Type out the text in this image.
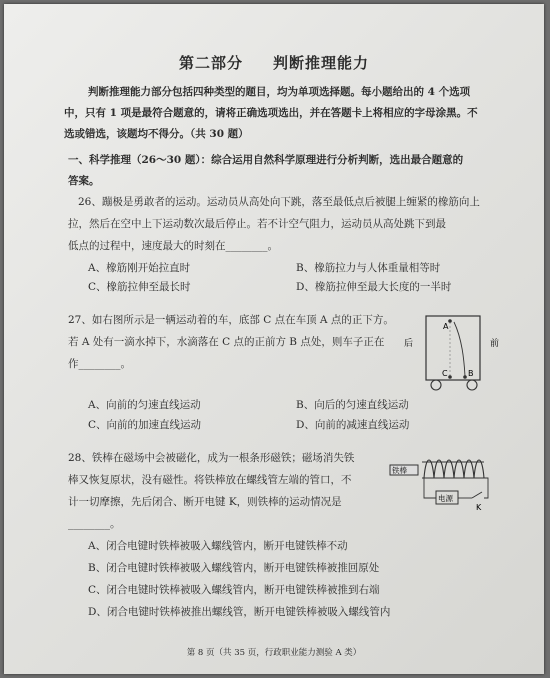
第二部分 判断推理能力
判断推理能力部分包括四种类型的题目，均为单项选择题。每小题给出的 4 个选项
中，只有 1 项是最符合题意的，请将正确选项选出，并在答题卡上将相应的字母涂黑。不
选或错选，该题均不得分。（共 30 题）
一、科学推理（26～30 题）：综合运用自然科学原理进行分析判断，选出最合题意的
答案。
26、蹦极是勇敢者的运动。运动员从高处向下跳，落至最低点后被腿上缠紧的橡筋向上
拉，然后在空中上下运动数次最后停止。若不计空气阻力，运动员从高处跳下到最
低点的过程中，速度最大的时刻在________。
A、橡筋刚开始拉直时	B、橡筋拉力与人体重量相等时
C、橡筋拉伸至最长时	D、橡筋拉伸至最大长度的一半时
27、如右图所示是一辆运动着的车，底部 C 点在车顶 A 点的正下方。
若 A 处有一滴水掉下，水滴落在 C 点的正前方 B 点处，则车子正在
作________。
A
B
C
后	前
A、向前的匀速直线运动	B、向后的匀速直线运动
C、向前的加速直线运动	D、向前的减速直线运动
28、铁棒在磁场中会被磁化，成为一根条形磁铁；磁场消失铁
棒又恢复原状，没有磁性。将铁棒放在螺线管左端的管口，不
计一切摩擦，先后闭合、断开电键 K，则铁棒的运动情况是
________。
铁棒
电源
K
A、闭合电键时铁棒被吸入螺线管内，断开电键铁棒不动
B、闭合电键时铁棒被吸入螺线管内，断开电键铁棒被推回原处
C、闭合电键时铁棒被吸入螺线管内，断开电键铁棒被推到右端
D、闭合电键时铁棒被推出螺线管，断开电键铁棒被吸入螺线管内
第 8 页（共 35 页，行政职业能力测验 A 类）
